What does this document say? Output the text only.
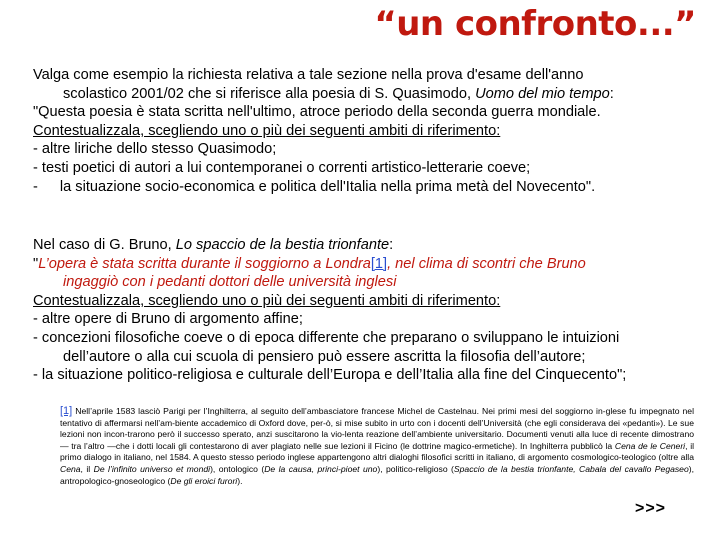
“un confronto...”
Valga come esempio la richiesta relativa a tale sezione nella prova d'esame dell'anno
scolastico 2001/02 che si riferisce alla poesia di S. Quasimodo, Uomo del mio tempo:
"Questa poesia è stata scritta nell'ultimo, atroce periodo della seconda guerra mondiale.
Contestualizzala, scegliendo uno o più dei seguenti ambiti di riferimento:
- altre liriche dello stesso Quasimodo;
- testi poetici di autori a lui contemporanei o correnti artistico-letterarie coeve;
- la situazione socio-economica e politica dell'Italia nella prima metà del Novecento".
Nel caso di G. Bruno, Lo spaccio de la bestia trionfante:
"L’opera è stata scritta durante il soggiorno a Londra[1], nel clima di scontri che Bruno
ingaggiò con i pedanti dottori delle università inglesi
Contestualizzala, scegliendo uno o più dei seguenti ambiti di riferimento:
- altre opere di Bruno di argomento affine;
- concezioni filosofiche coeve o di epoca differente che preparano o sviluppano le intuizioni
dell’autore o alla cui scuola di pensiero può essere ascritta la filosofia dell’autore;
- la situazione politico-religiosa e culturale dell’Europa e dell’Italia alla fine del Cinquecento";
[1] Nell’aprile 1583 lasciò Parigi per l’Inghilterra, al seguito dell’ambasciatore francese Michel de Castelnau. Nei primi mesi del soggiorno in-glese fu impegnato nel tentativo di affermarsi nell’am-biente accademico di Oxford dove, per-ò, si mise subito in urto con i docenti dell’Università (che egli considerava dei «pedanti»). Le sue lezioni non incon-trarono però il successo sperato, anzi suscitarono la vio-lenta reazione dell’ambiente universitario. Documenti venuti alla luce di recente dimostrano — tra l’altro —che i dotti locali gli contestarono di aver plagiato nelle sue lezioni il Ficino (le dottrine magico-ermetiche). In Inghilterra pubblicò la Cena de le Ceneri, il primo dialogo in italiano, nel 1584. A questo stesso periodo inglese appartengono altri dialoghi filosofici scritti in italiano, di argomento cosmologico-teologico (oltre alla Cena, il De l’infinito universo et mondi), ontologico (De la causa, princi-pioet uno), politico-religioso (Spaccio de la bestia trionfante, Cabala del cavallo Pegaseo), antropologico-gnoseologico (De gli eroici furori).
>>>
